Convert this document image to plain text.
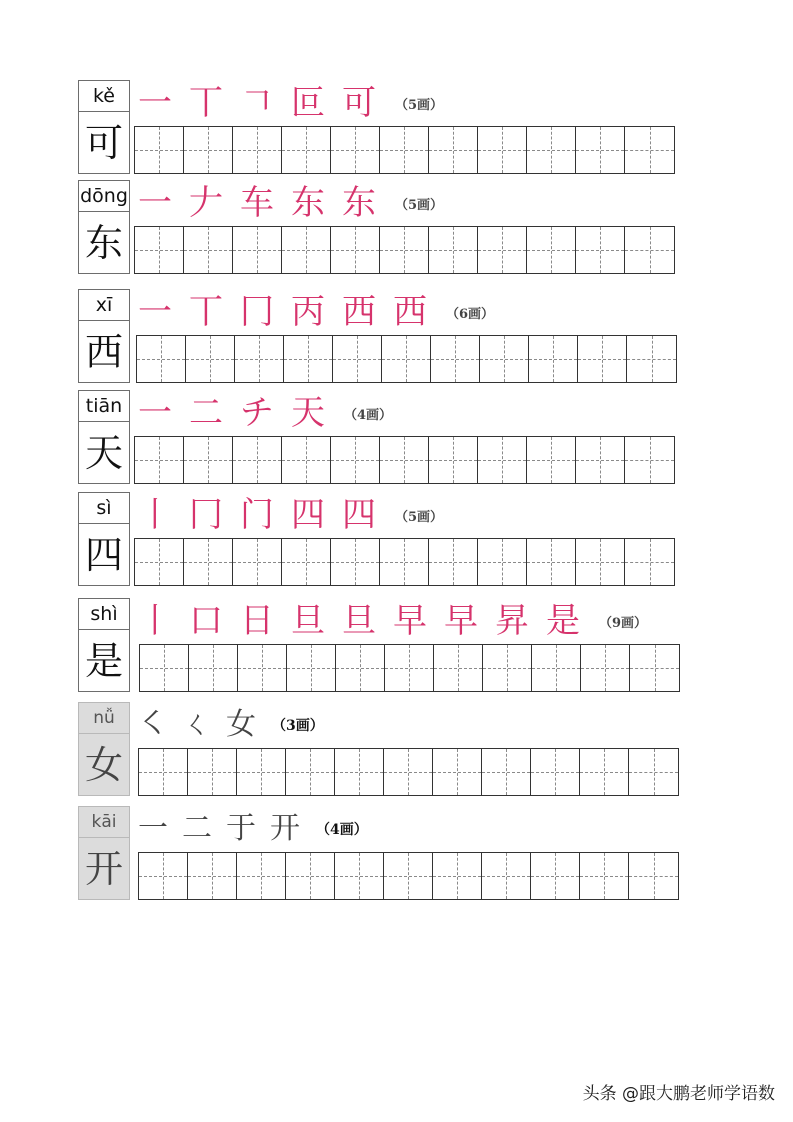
kě
可
一 丅 𠃍 叵 可 （5画）
dōng
东
一 𠂇 车 东 东 （5画）
xī
西
一 丅 冂 丙 西 西 （6画）
tiān
天
一 二 チ 天 （4画）
sì
四
丨 冂 门 四 四 （5画）
shì
是
丨 口 日 旦 旦 早 早 昇 是 （9画）
nǚ
女
㇛ ㄑ 女 （3画）
kāi
开
一 二 于 开 （4画）
头条 @跟大鹏老师学语数
